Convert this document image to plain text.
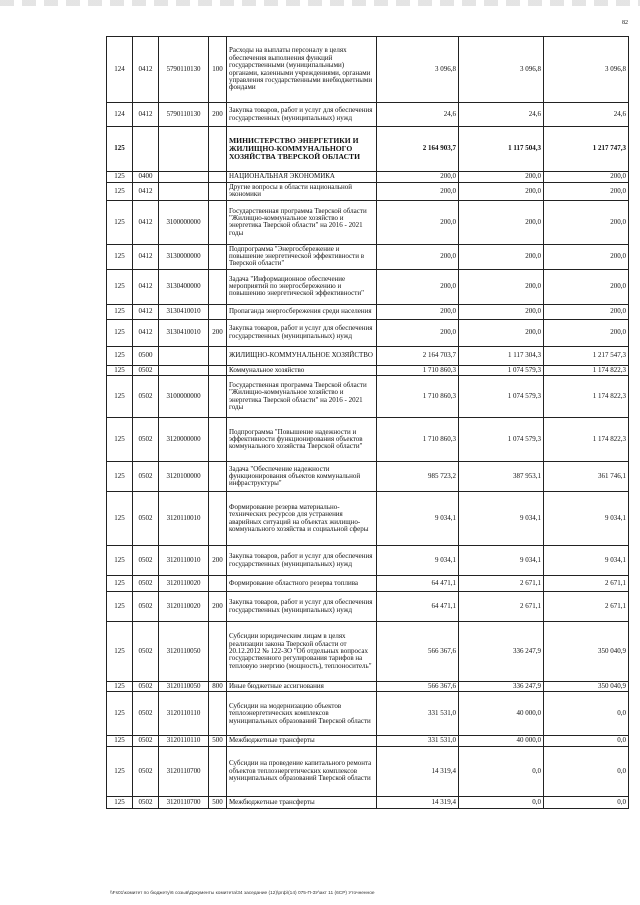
82
124	0412	5790110130	100	Расходы на выплаты персоналу в целях обеспечения выполнения функций государственными (муниципальными) органами, казенными учреждениями, органами управления государственными внебюджетными фондами	3 096,8	3 096,8	3 096,8
124	0412	5790110130	200	Закупка товаров, работ и услуг для обеспечения государственных (муниципальных) нужд	24,6	24,6	24,6
125				МИНИСТЕРСТВО ЭНЕРГЕТИКИ И ЖИЛИЩНО-КОММУНАЛЬНОГО ХОЗЯЙСТВА ТВЕРСКОЙ ОБЛАСТИ	2 164 903,7	1 117 504,3	1 217 747,3
125	0400			НАЦИОНАЛЬНАЯ ЭКОНОМИКА	200,0	200,0	200,0
125	0412			Другие вопросы в области национальной экономики	200,0	200,0	200,0
125	0412	3100000000		Государственная программа Тверской области "Жилищно-коммунальное хозяйство и энергетика Тверской области" на 2016 - 2021 годы	200,0	200,0	200,0
125	0412	3130000000		Подпрограмма "Энергосбережение и повышение энергетической эффективности в Тверской области"	200,0	200,0	200,0
125	0412	3130400000		Задача "Информационное обеспечение мероприятий по энергосбережению и повышению энергетической эффективности"	200,0	200,0	200,0
125	0412	3130410010		Пропаганда энергосбережения среди населения	200,0	200,0	200,0
125	0412	3130410010	200	Закупка товаров, работ и услуг для обеспечения государственных (муниципальных) нужд	200,0	200,0	200,0
125	0500			ЖИЛИЩНО-КОММУНАЛЬНОЕ ХОЗЯЙСТВО	2 164 703,7	1 117 304,3	1 217 547,3
125	0502			Коммунальное хозяйство	1 710 860,3	1 074 579,3	1 174 822,3
125	0502	3100000000		Государственная программа Тверской области "Жилищно-коммунальное хозяйство и энергетика Тверской области" на 2016 - 2021 годы	1 710 860,3	1 074 579,3	1 174 822,3
125	0502	3120000000		Подпрограмма "Повышение надежности и эффективности функционирования объектов коммунального хозяйства Тверской области"	1 710 860,3	1 074 579,3	1 174 822,3
125	0502	3120100000		Задача "Обеспечение надежности функционирования объектов коммунальной инфраструктуры"	985 723,2	387 953,1	361 746,1
125	0502	3120110010		Формирование резерва материально-технических ресурсов для устранения аварийных ситуаций на объектах жилищно-коммунального хозяйства и социальной сферы	9 034,1	9 034,1	9 034,1
125	0502	3120110010	200	Закупка товаров, работ и услуг для обеспечения государственных (муниципальных) нужд	9 034,1	9 034,1	9 034,1
125	0502	3120110020		Формирование областного резерва топлива	64 471,1	2 671,1	2 671,1
125	0502	3120110020	200	Закупка товаров, работ и услуг для обеспечения государственных (муниципальных) нужд	64 471,1	2 671,1	2 671,1
125	0502	3120110050		Субсидии юридическим лицам в целях реализации закона Тверской области от 20.12.2012 № 122-ЗО "Об отдельных вопросах государственного регулирования тарифов на тепловую энергию (мощность), теплоноситель"	566 367,6	336 247,9	350 040,9
125	0502	3120110050	800	Иные бюджетные ассигнования	566 367,6	336 247,9	350 040,9
125	0502	3120110110		Субсидии на модернизацию объектов теплоэнергетических комплексов муниципальных образований Тверской области	331 531,0	40 000,0	0,0
125	0502	3120110110	500	Межбюджетные трансферты	331 531,0	40 000,0	0,0
125	0502	3120110700		Субсидии на проведение капитального ремонта объектов теплоэнергетических комплексов муниципальных образований Тверской области	14 319,4	0,0	0,0
125	0502	3120110700	500	Межбюджетные трансферты	14 319,4	0,0	0,0
\\Fs01\комитет по бюджету\6 созыв\Документы комитета\34 заседание (12)\ргф\(14) 075-П-ЗУ\акт 11 (6СР) Уточненное
